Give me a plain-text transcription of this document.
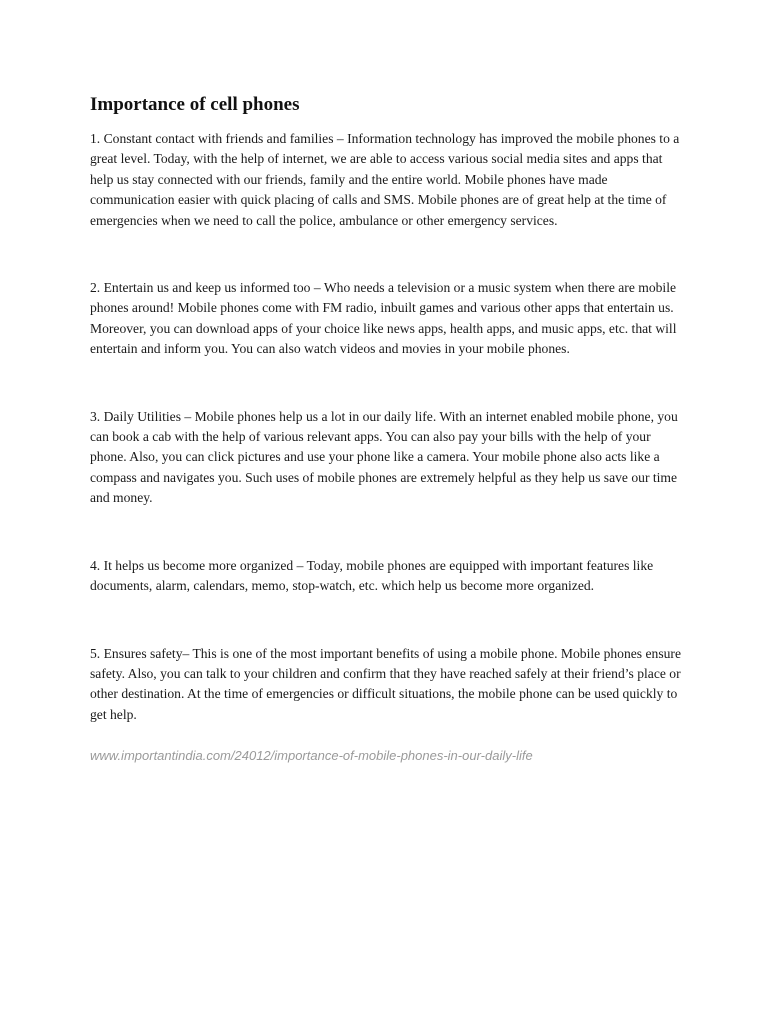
Importance of cell phones

1. Constant contact with friends and families – Information technology has improved the mobile phones to a great level. Today, with the help of internet, we are able to access various social media sites and apps that help us stay connected with our friends, family and the entire world. Mobile phones have made communication easier with quick placing of calls and SMS. Mobile phones are of great help at the time of emergencies when we need to call the police, ambulance or other emergency services.

2. Entertain us and keep us informed too – Who needs a television or a music system when there are mobile phones around! Mobile phones come with FM radio, inbuilt games and various other apps that entertain us. Moreover, you can download apps of your choice like news apps, health apps, and music apps, etc. that will entertain and inform you. You can also watch videos and movies in your mobile phones.

3. Daily Utilities – Mobile phones help us a lot in our daily life. With an internet enabled mobile phone, you can book a cab with the help of various relevant apps. You can also pay your bills with the help of your phone. Also, you can click pictures and use your phone like a camera. Your mobile phone also acts like a compass and navigates you. Such uses of mobile phones are extremely helpful as they help us save our time and money.

4. It helps us become more organized – Today, mobile phones are equipped with important features like documents, alarm, calendars, memo, stop-watch, etc. which help us become more organized.

5. Ensures safety– This is one of the most important benefits of using a mobile phone. Mobile phones ensure safety. Also, you can talk to your children and confirm that they have reached safely at their friend’s place or other destination. At the time of emergencies or difficult situations, the mobile phone can be used quickly to get help.

www.importantindia.com/24012/importance-of-mobile-phones-in-our-daily-life
